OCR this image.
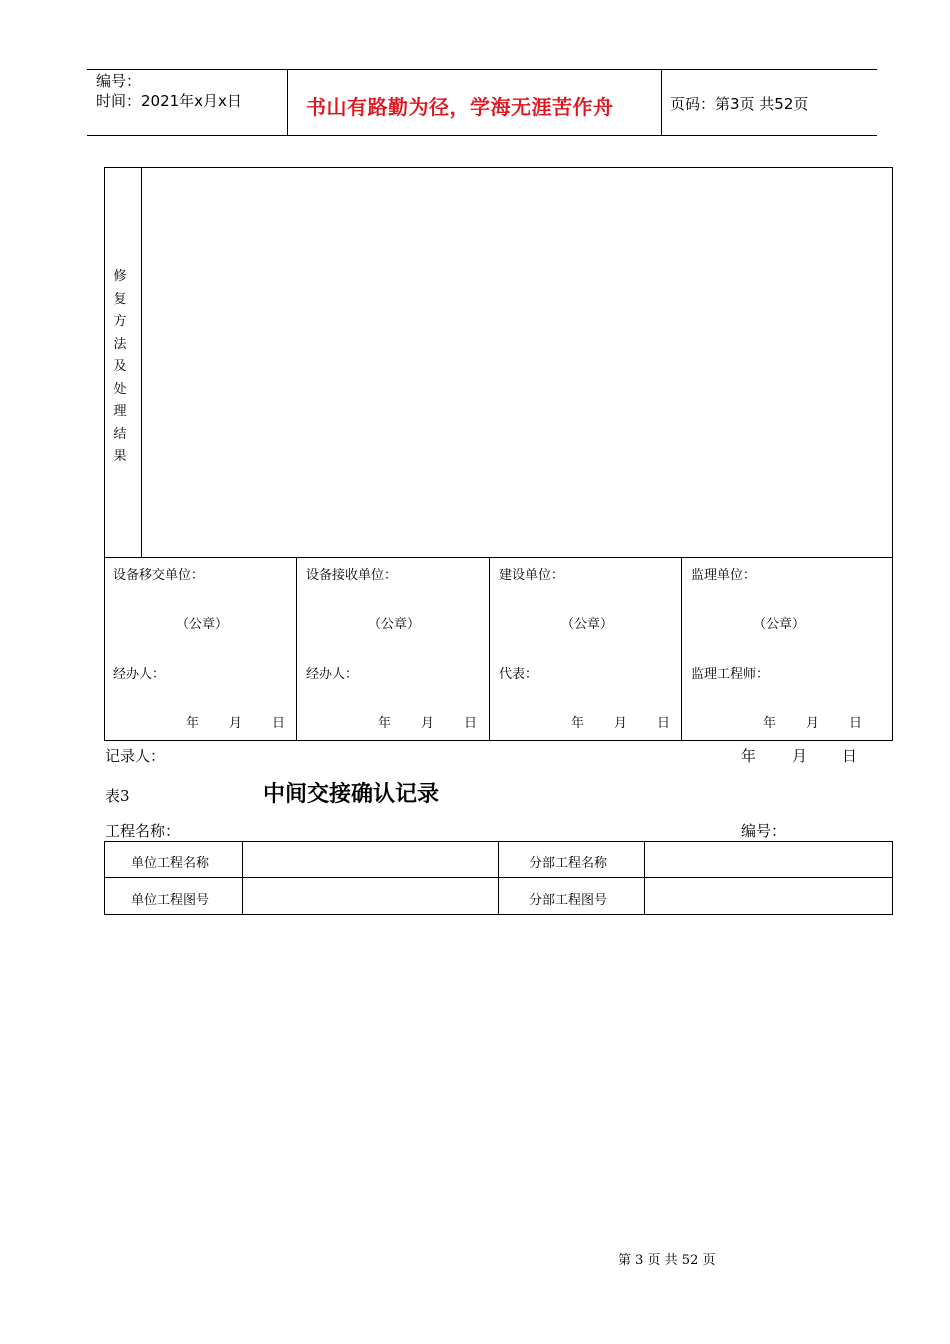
编号：
时间：2021年x月x日	书山有路勤为径，学海无涯苦作舟	页码：第3页 共52页
修
复
方
法
及
处
理
结
果
设备移交单位：
（公章）
经办人：
年 月 日
设备接收单位：
（公章）
经办人：
年 月 日
建设单位：
（公章）
代表：
年 月 日
监理单位：
（公章）
监理工程师：
年 月 日
记录人：	年 月 日
表3	中间交接确认记录
工程名称：	编号：
单位工程名称	分部工程名称
单位工程图号	分部工程图号
第 3 页 共 52 页
